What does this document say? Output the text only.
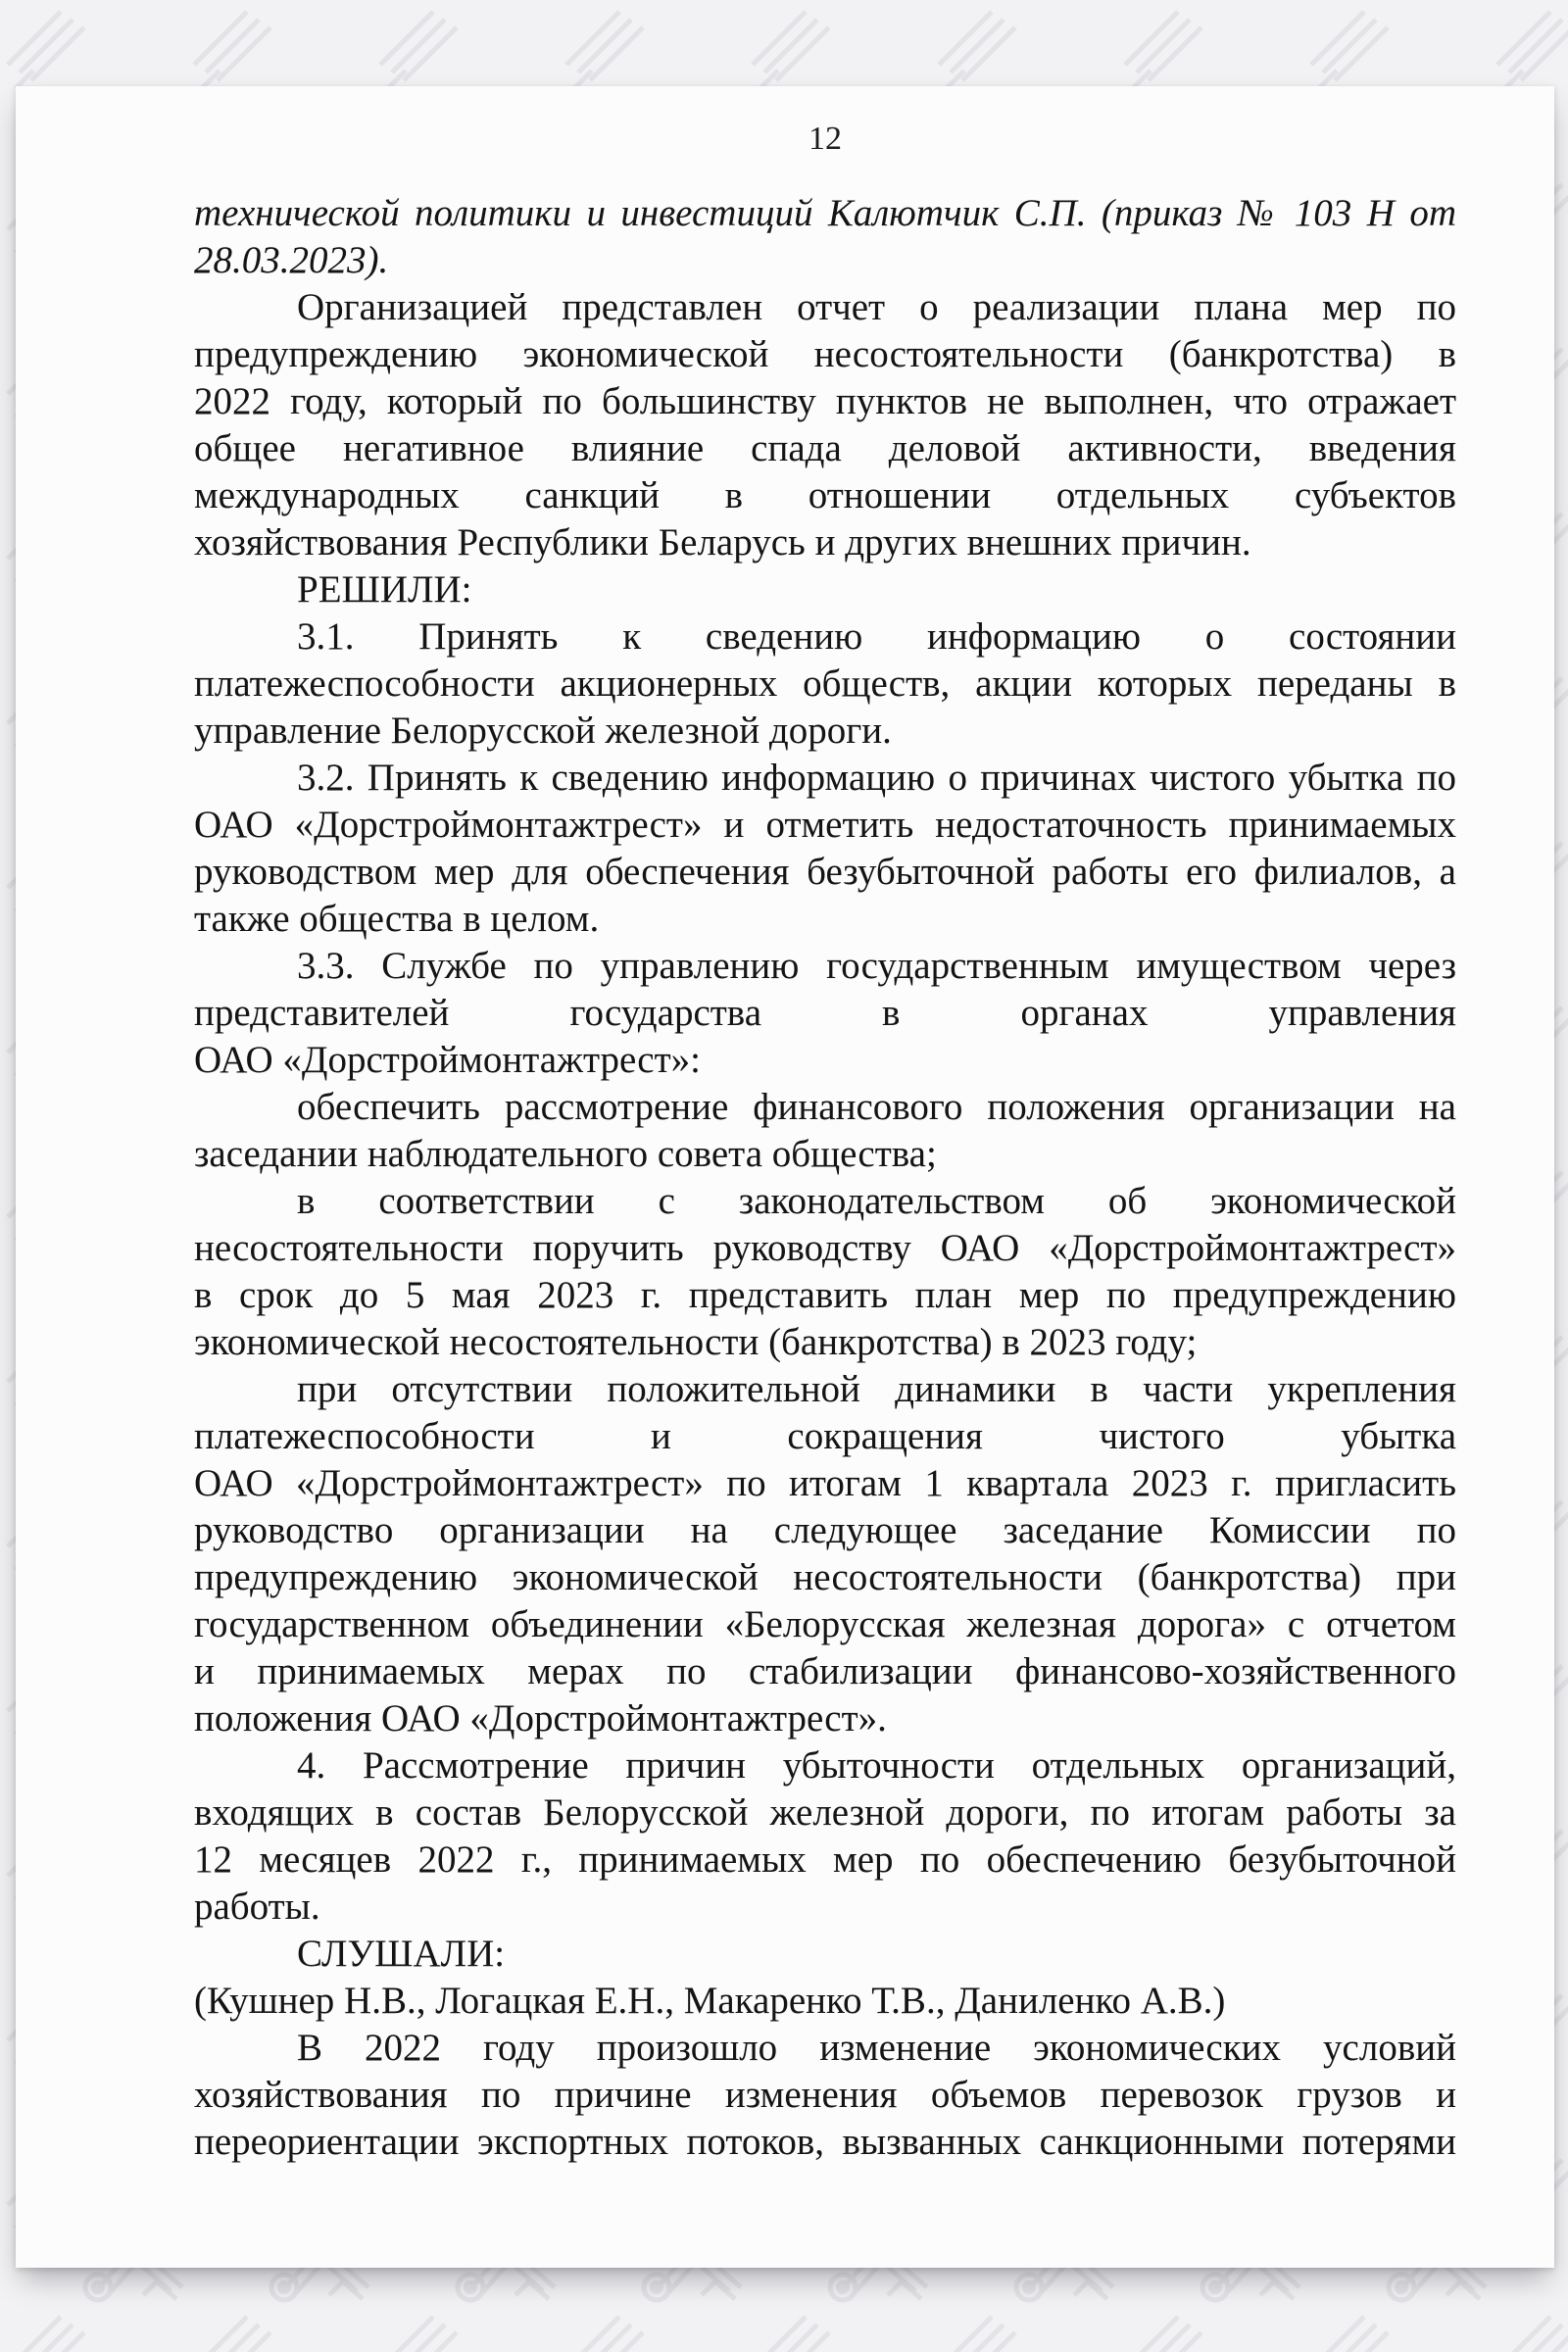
12
технической политики и инвестиций Калютчик С.П. (приказ № 103 Н от
28.03.2023).
Организацией представлен отчет о реализации плана мер по
предупреждению экономической несостоятельности (банкротства) в
2022 году, который по большинству пунктов не выполнен, что отражает
общее негативное влияние спада деловой активности, введения
международных санкций в отношении отдельных субъектов
хозяйствования Республики Беларусь и других внешних причин.
РЕШИЛИ:
3.1. Принять к сведению информацию о состоянии
платежеспособности акционерных обществ, акции которых переданы в
управление Белорусской железной дороги.
3.2. Принять к сведению информацию о причинах чистого убытка по
ОАО «Дорстроймонтажтрест» и отметить недостаточность принимаемых
руководством мер для обеспечения безубыточной работы его филиалов, а
также общества в целом.
3.3. Службе по управлению государственным имуществом через
представителей государства в органах управления
ОАО «Дорстроймонтажтрест»:
обеспечить рассмотрение финансового положения организации на
заседании наблюдательного совета общества;
в соответствии с законодательством об экономической
несостоятельности поручить руководству ОАО «Дорстроймонтажтрест»
в срок до 5 мая 2023 г. представить план мер по предупреждению
экономической несостоятельности (банкротства) в 2023 году;
при отсутствии положительной динамики в части укрепления
платежеспособности и сокращения чистого убытка
ОАО «Дорстроймонтажтрест» по итогам 1 квартала 2023 г. пригласить
руководство организации на следующее заседание Комиссии по
предупреждению экономической несостоятельности (банкротства) при
государственном объединении «Белорусская железная дорога» с отчетом
и принимаемых мерах по стабилизации финансово-хозяйственного
положения ОАО «Дорстроймонтажтрест».
4. Рассмотрение причин убыточности отдельных организаций,
входящих в состав Белорусской железной дороги, по итогам работы за
12 месяцев 2022 г., принимаемых мер по обеспечению безубыточной
работы.
СЛУШАЛИ:
(Кушнер Н.В., Логацкая Е.Н., Макаренко Т.В., Даниленко А.В.)
В 2022 году произошло изменение экономических условий
хозяйствования по причине изменения объемов перевозок грузов и
переориентации экспортных потоков, вызванных санкционными потерями
